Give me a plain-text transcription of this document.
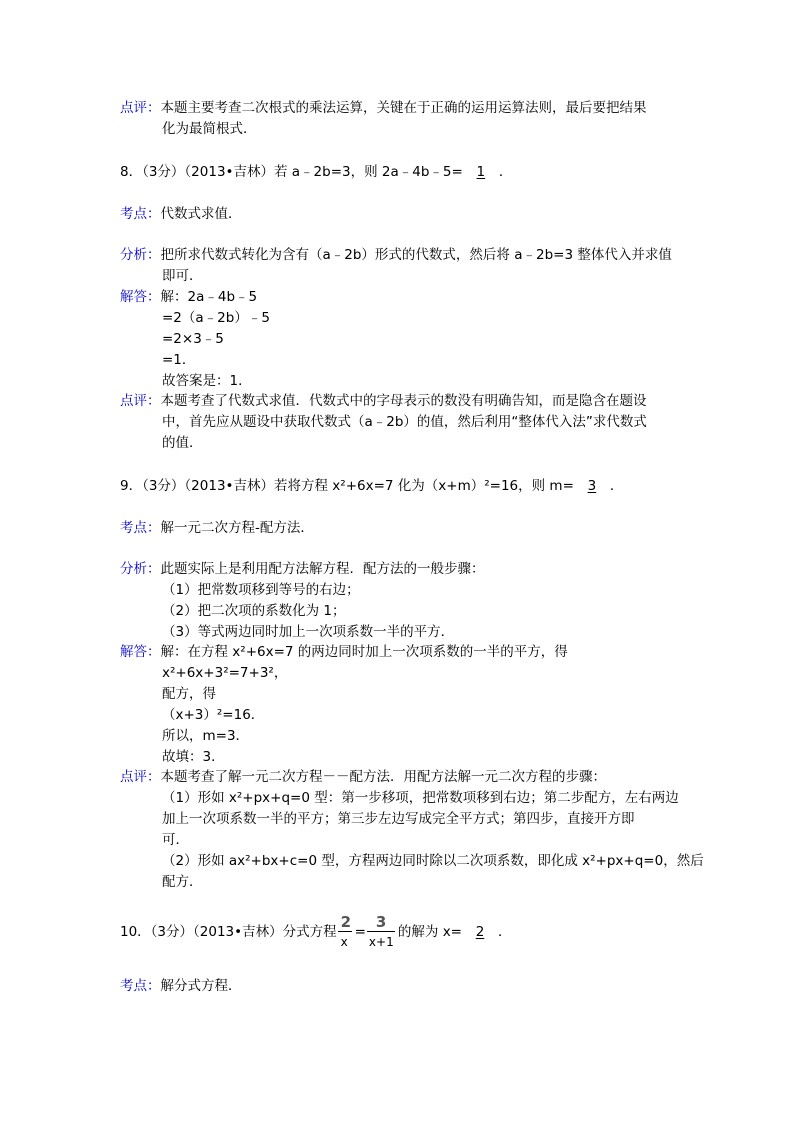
点评：本题主要考查二次根式的乘法运算，关键在于正确的运用运算法则，最后要把结果
化为最简根式．
8．（3分）（2013•吉林）若 a﹣2b=3，则 2a﹣4b﹣5= 1 ．
考点：代数式求值．
分析：把所求代数式转化为含有（a﹣2b）形式的代数式，然后将 a﹣2b=3 整体代入并求值
即可．
解答：解：2a﹣4b﹣5
=2（a﹣2b）﹣5
=2×3﹣5
=1．
故答案是：1．
点评：本题考查了代数式求值．代数式中的字母表示的数没有明确告知，而是隐含在题设
中，首先应从题设中获取代数式（a﹣2b）的值，然后利用“整体代入法”求代数式
的值．
9．（3分）（2013•吉林）若将方程 x²+6x=7 化为（x+m）²=16，则 m= 3 ．
考点：解一元二次方程-配方法．
分析：此题实际上是利用配方法解方程．配方法的一般步骤：
（1）把常数项移到等号的右边；
（2）把二次项的系数化为 1；
（3）等式两边同时加上一次项系数一半的平方．
解答：解：在方程 x²+6x=7 的两边同时加上一次项系数的一半的平方，得
x²+6x+3²=7+3²，
配方，得
（x+3）²=16．
所以，m=3．
故填：3．
点评：本题考查了解一元二次方程－－配方法．用配方法解一元二次方程的步骤：
（1）形如 x²+px+q=0 型：第一步移项，把常数项移到右边；第二步配方，左右两边
加上一次项系数一半的平方；第三步左边写成完全平方式；第四步，直接开方即
可．
（2）形如 ax²+bx+c=0 型，方程两边同时除以二次项系数，即化成 x²+px+q=0，然后
配方．
10．（3分）（2013•吉林）分式方程 $\frac{2}{x} = \frac{3}{x+1}$ 的解为 x= 2 ．
考点：解分式方程．
